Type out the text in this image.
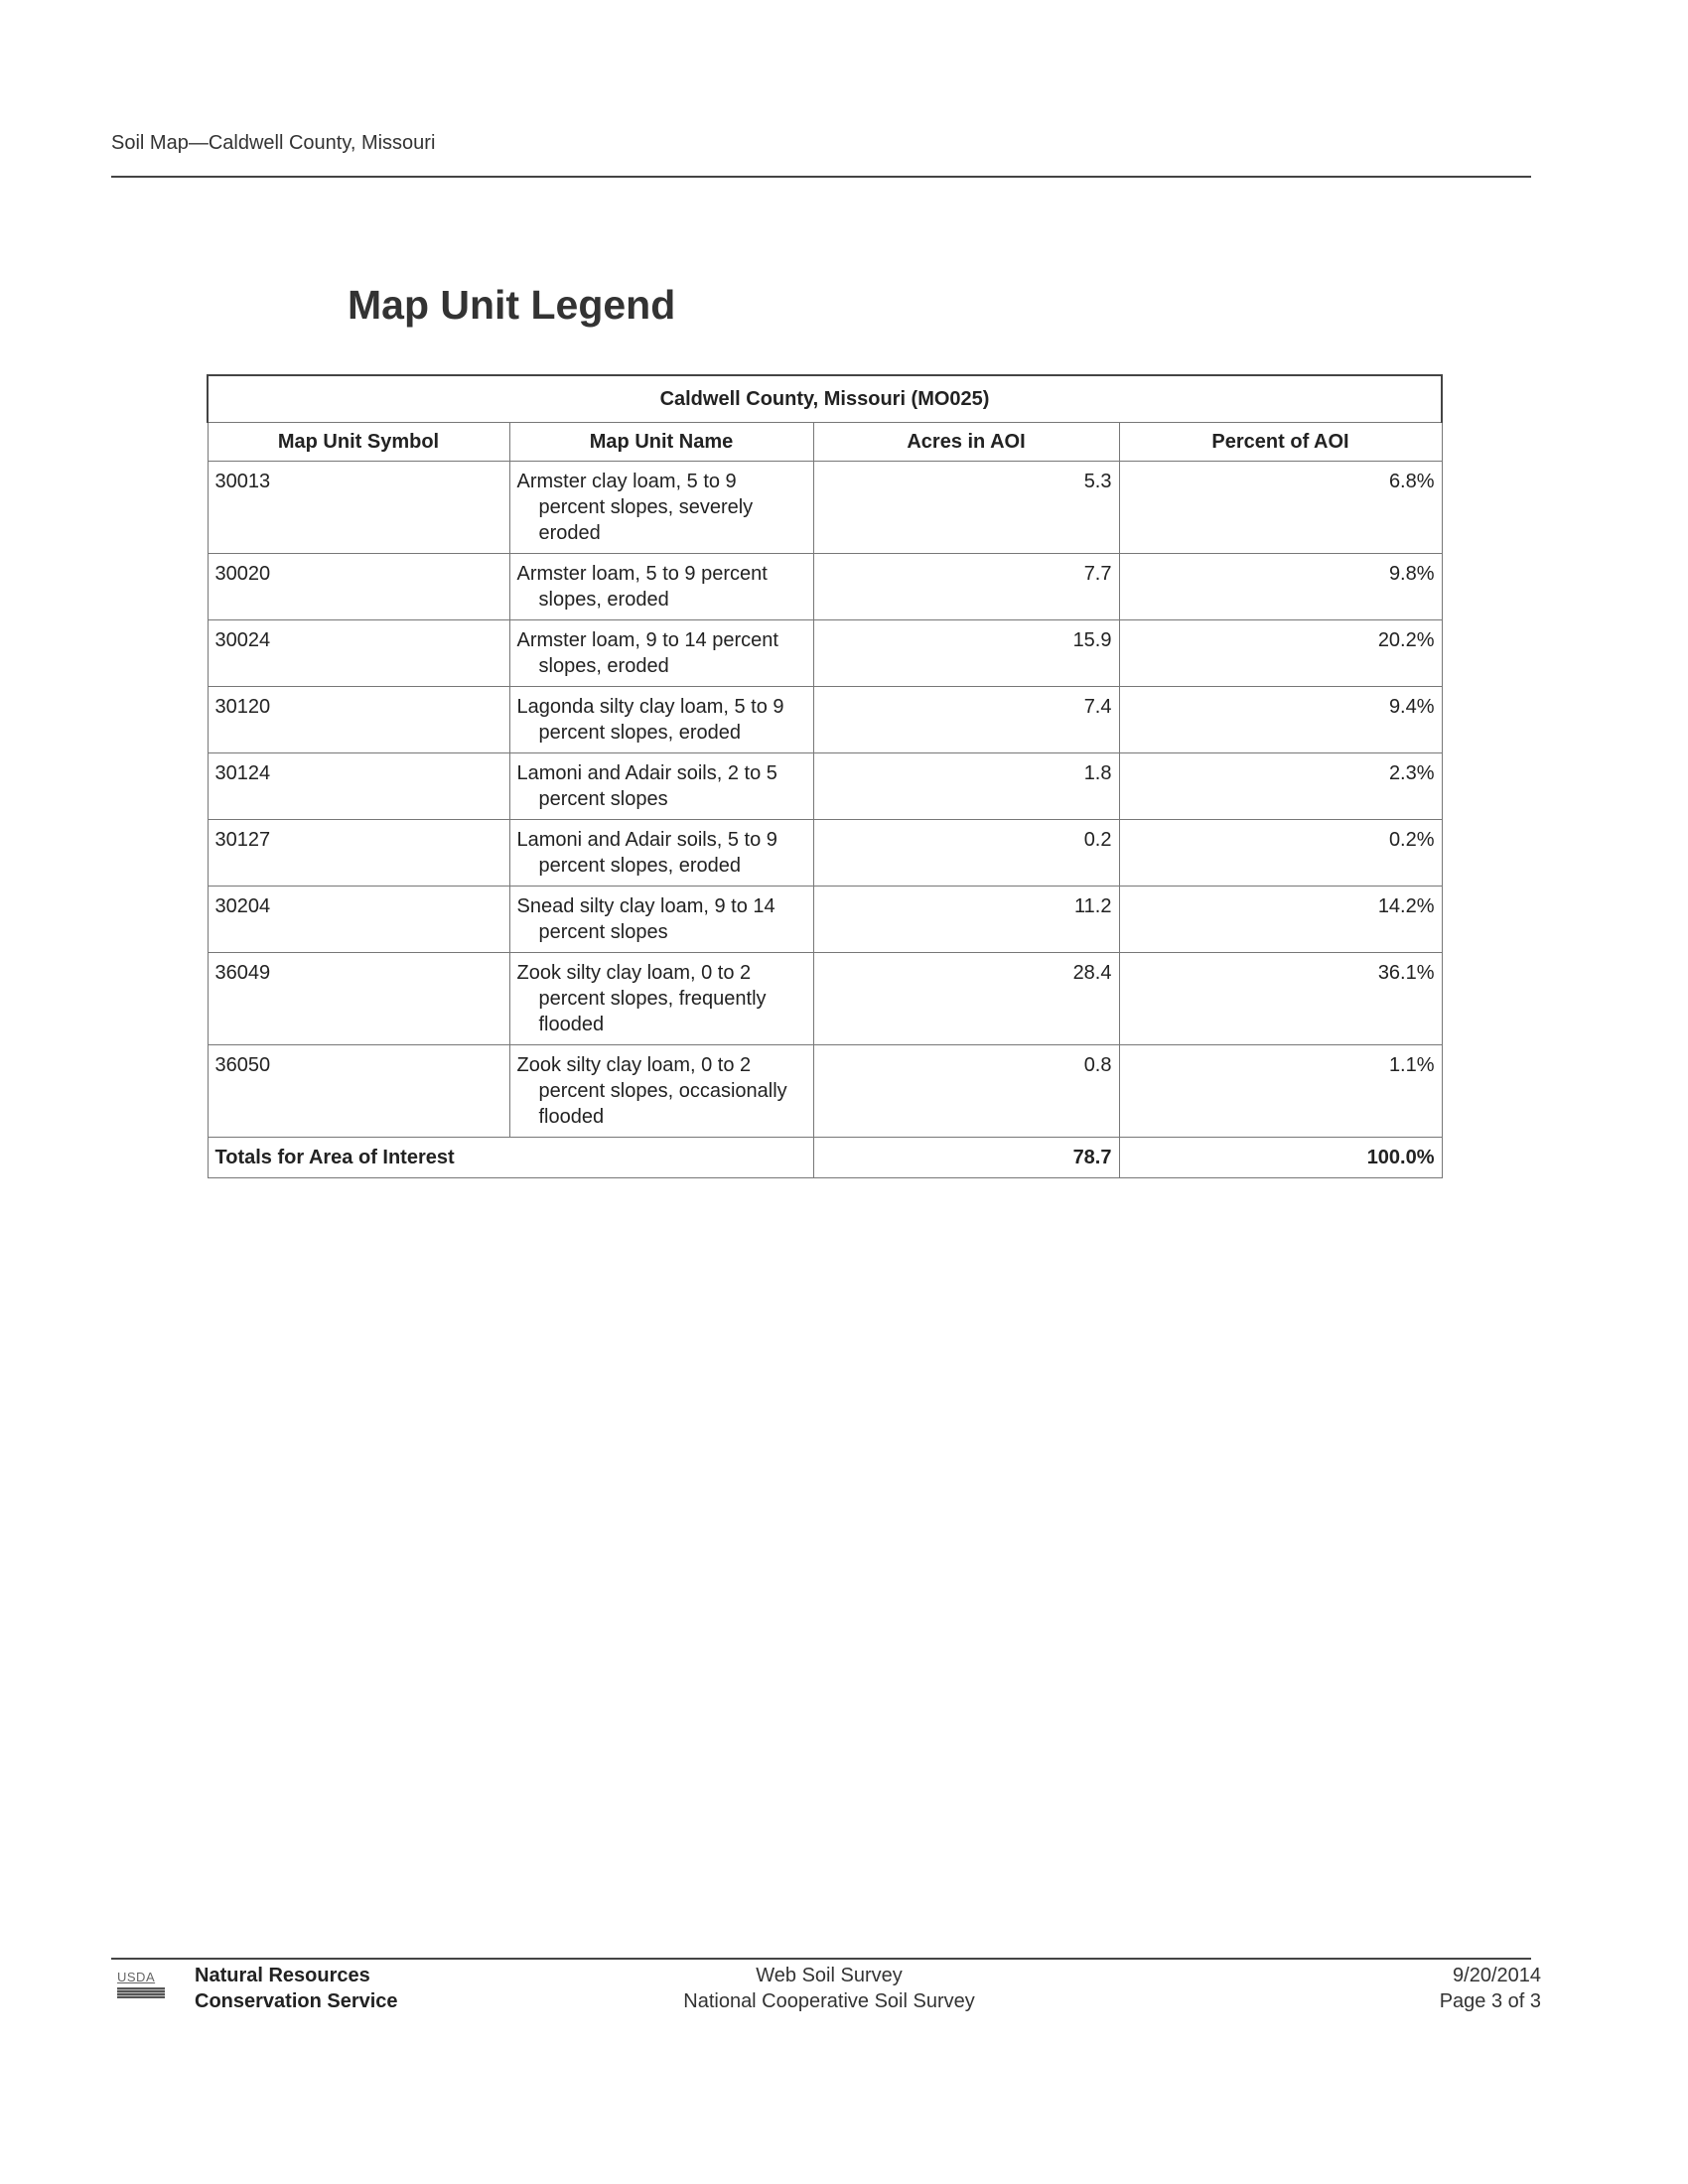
Soil Map—Caldwell County, Missouri
Map Unit Legend
Caldwell County, Missouri (MO025)			
Map Unit Symbol	Map Unit Name	Acres in AOI	Percent of AOI
30013	Armster clay loam, 5 to 9 percent slopes, severely eroded	5.3	6.8%
30020	Armster loam, 5 to 9 percent slopes, eroded	7.7	9.8%
30024	Armster loam, 9 to 14 percent slopes, eroded	15.9	20.2%
30120	Lagonda silty clay loam, 5 to 9 percent slopes, eroded	7.4	9.4%
30124	Lamoni and Adair soils, 2 to 5 percent slopes	1.8	2.3%
30127	Lamoni and Adair soils, 5 to 9 percent slopes, eroded	0.2	0.2%
30204	Snead silty clay loam, 9 to 14 percent slopes	11.2	14.2%
36049	Zook silty clay loam, 0 to 2 percent slopes, frequently flooded	28.4	36.1%
36050	Zook silty clay loam, 0 to 2 percent slopes, occasionally flooded	0.8	1.1%
Totals for Area of Interest		78.7	100.0%
USDA	Natural Resources
Conservation Service
Web Soil Survey
National Cooperative Soil Survey
9/20/2014
Page 3 of 3
